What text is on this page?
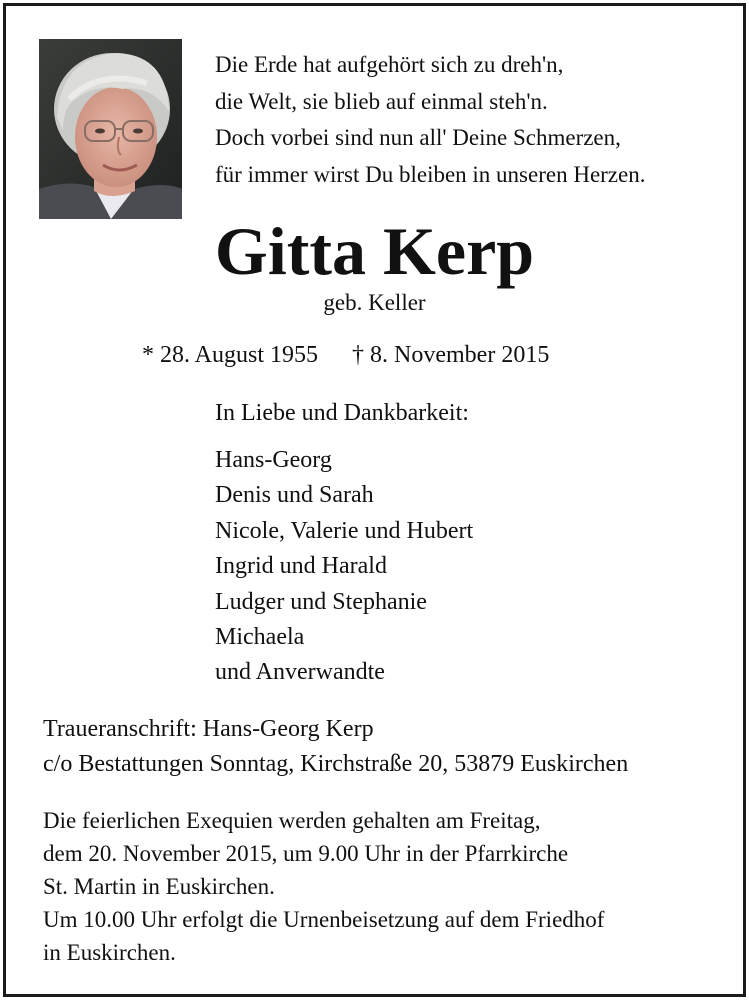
Die Erde hat aufgehört sich zu dreh'n,
die Welt, sie blieb auf einmal steh'n.
Doch vorbei sind nun all' Deine Schmerzen,
für immer wirst Du bleiben in unseren Herzen.
Gitta Kerp
geb. Keller
* 28. August 1955 † 8. November 2015
In Liebe und Dankbarkeit:
Hans-Georg
Denis und Sarah
Nicole, Valerie und Hubert
Ingrid und Harald
Ludger und Stephanie
Michaela
und Anverwandte
Traueranschrift: Hans-Georg Kerp
c/o Bestattungen Sonntag, Kirchstraße 20, 53879 Euskirchen
Die feierlichen Exequien werden gehalten am Freitag,
dem 20. November 2015, um 9.00 Uhr in der Pfarrkirche
St. Martin in Euskirchen.
Um 10.00 Uhr erfolgt die Urnenbeisetzung auf dem Friedhof
in Euskirchen.
